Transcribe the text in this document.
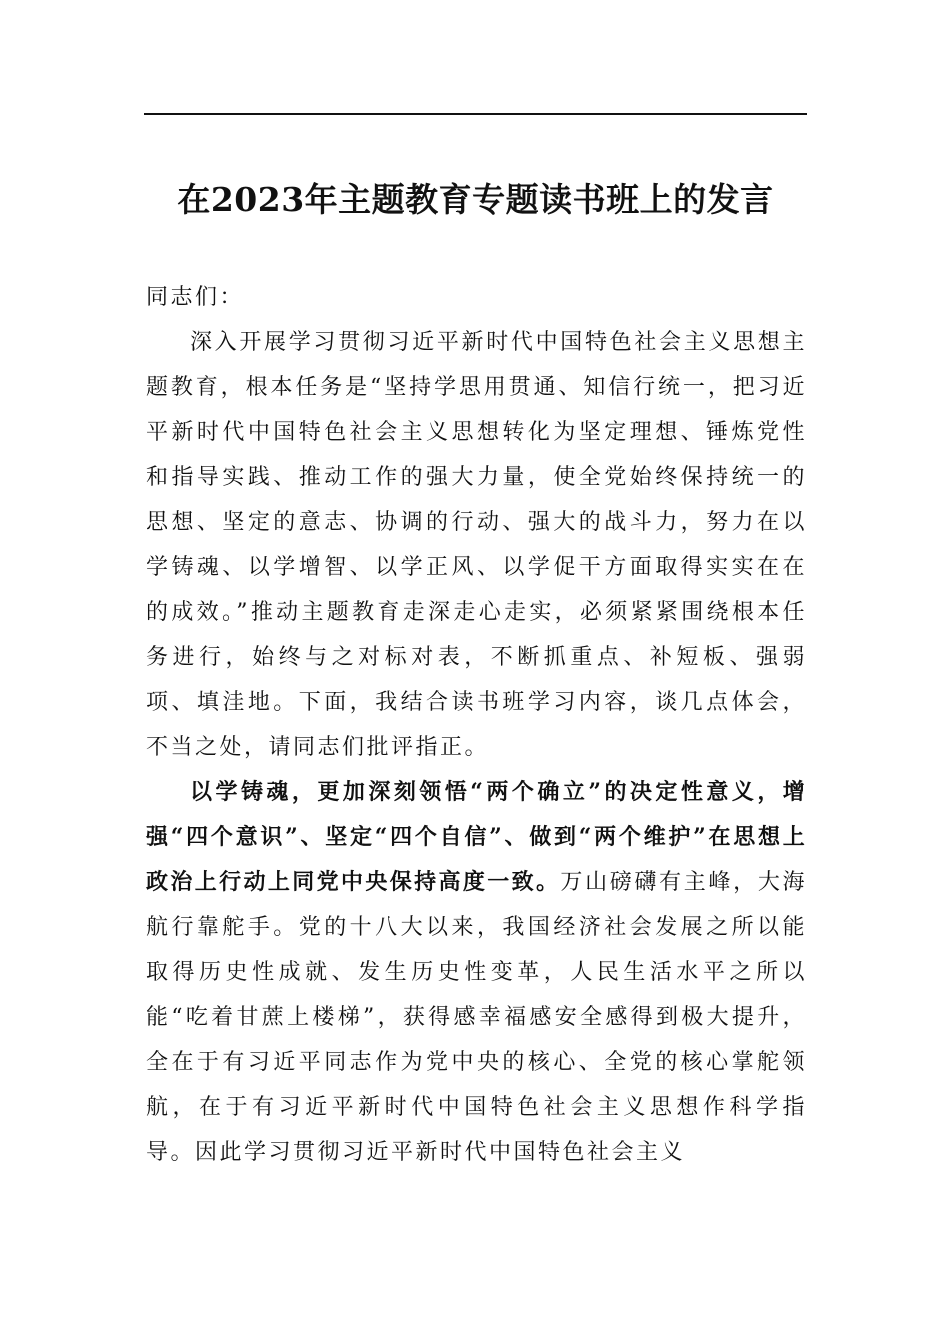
在2023年主题教育专题读书班上的发言

同志们：

深入开展学习贯彻习近平新时代中国特色社会主义思想主题教育，根本任务是“坚持学思用贯通、知信行统一，把习近平新时代中国特色社会主义思想转化为坚定理想、锤炼党性和指导实践、推动工作的强大力量，使全党始终保持统一的思想、坚定的意志、协调的行动、强大的战斗力，努力在以学铸魂、以学增智、以学正风、以学促干方面取得实实在在的成效。”推动主题教育走深走心走实，必须紧紧围绕根本任务进行，始终与之对标对表，不断抓重点、补短板、强弱项、填洼地。下面，我结合读书班学习内容，谈几点体会，不当之处，请同志们批评指正。

以学铸魂，更加深刻领悟“两个确立”的决定性意义，增强“四个意识”、坚定“四个自信”、做到“两个维护”在思想上政治上行动上同党中央保持高度一致。万山磅礴有主峰，大海航行靠舵手。党的十八大以来，我国经济社会发展之所以能取得历史性成就、发生历史性变革，人民生活水平之所以能“吃着甘蔗上楼梯”，获得感幸福感安全感得到极大提升，全在于有习近平同志作为党中央的核心、全党的核心掌舵领航，在于有习近平新时代中国特色社会主义思想作科学指导。因此学习贯彻习近平新时代中国特色社会主义
